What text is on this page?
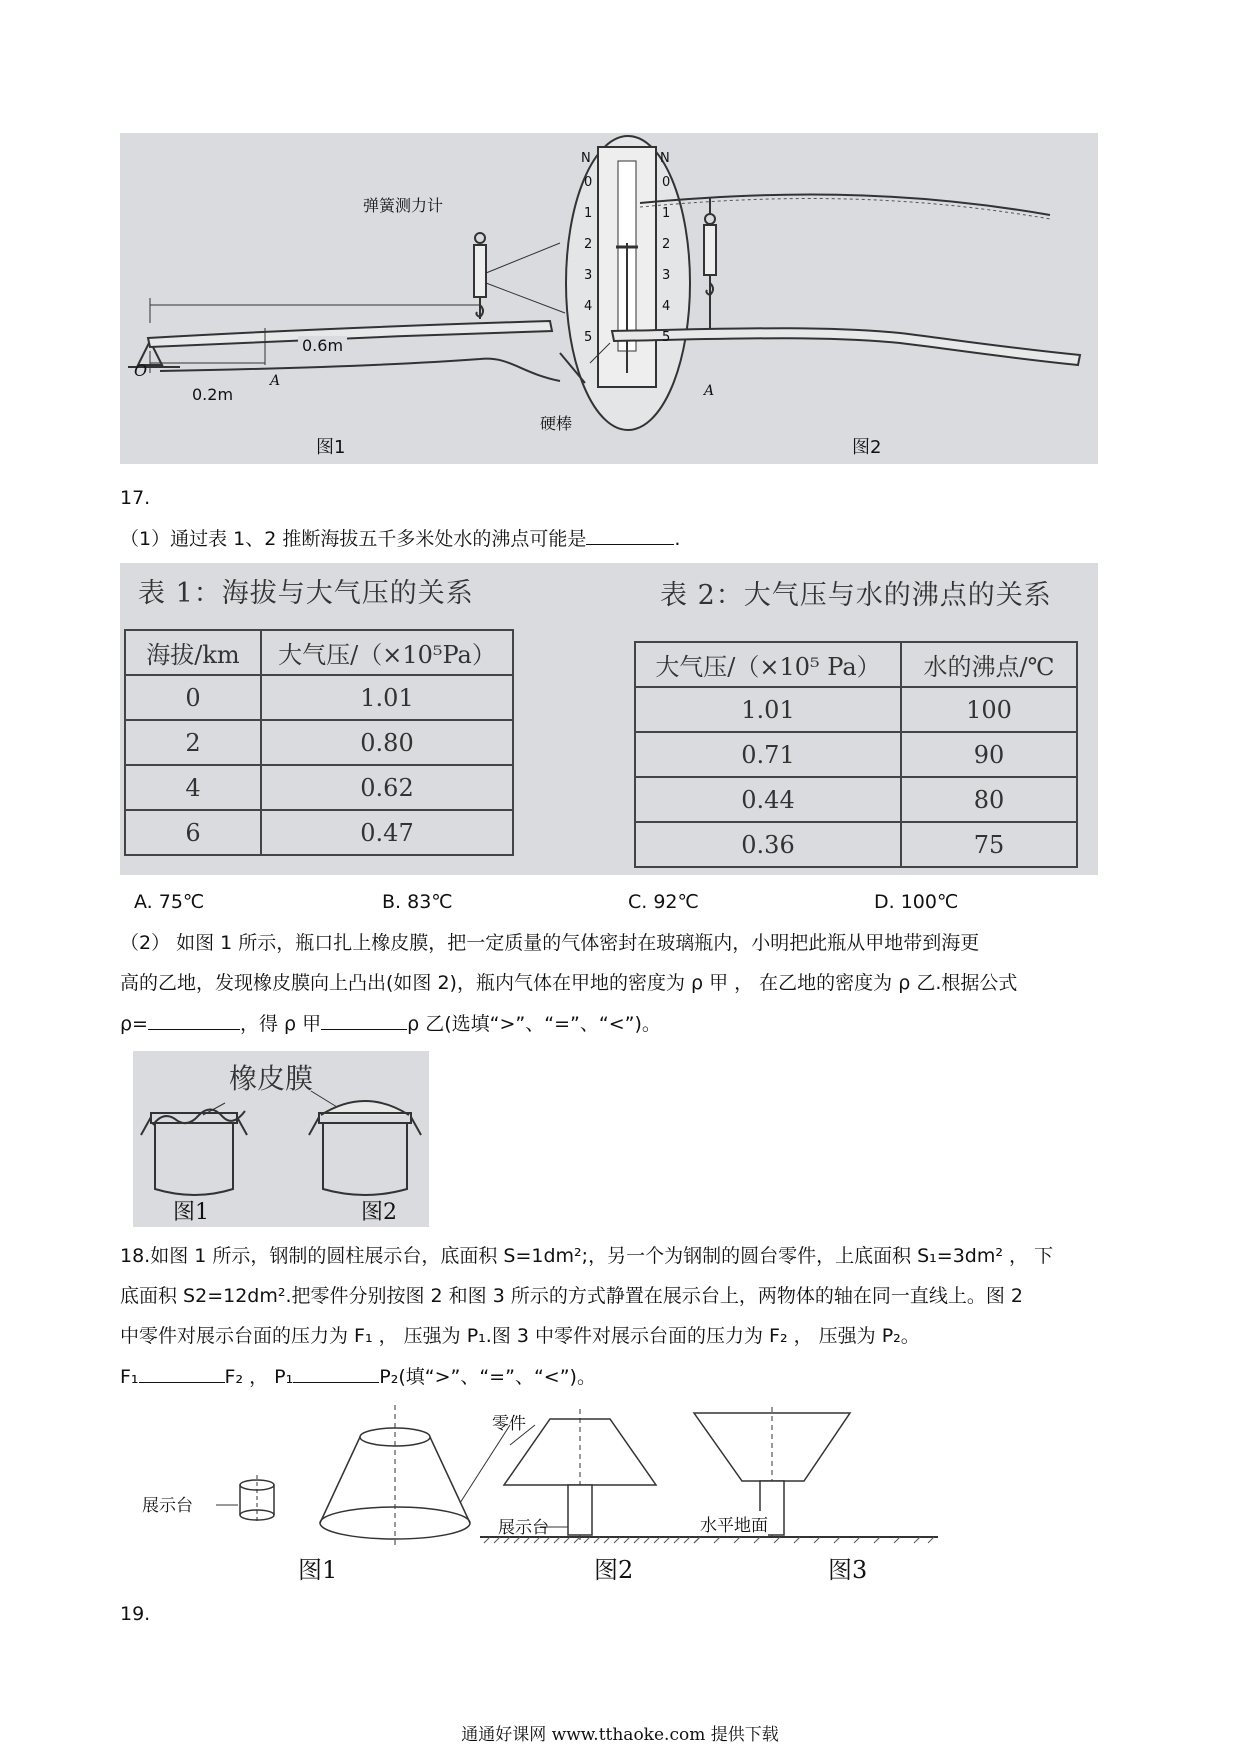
弹簧测力计
0.6m
0.2m
O
A
A
硬棒
N	N
0
1
2
3
4
5
0
1
2
3
4
5
图1	图2
17.
（1）通过表 1、2 推断海拔五千多米处水的沸点可能是	.
表 1：海拔与大气压的关系
海拔/km	大气压/（×10⁵Pa）
0	1.01
2	0.80
4	0.62
6	0.47
表 2：大气压与水的沸点的关系
大气压/（×10⁵ Pa）	水的沸点/℃
1.01	100
0.71	90
0.44	80
0.36	75
A. 75℃	B. 83℃	C. 92℃	D. 100℃
（2） 如图 1 所示，瓶口扎上橡皮膜，把一定质量的气体密封在玻璃瓶内，小明把此瓶从甲地带到海更
高的乙地，发现橡皮膜向上凸出(如图 2)，瓶内气体在甲地的密度为 ρ 甲 ， 在乙地的密度为 ρ 乙.根据公式
ρ=	，得 ρ 甲	ρ 乙(选填“>”、“=”、“<”)。
橡皮膜
图1	图2
18.如图 1 所示，钢制的圆柱展示台，底面积 S=1dm²;，另一个为钢制的圆台零件，上底面积 S₁=3dm² ， 下
底面积 S2=12dm².把零件分别按图 2 和图 3 所示的方式静置在展示台上，两物体的轴在同一直线上。图 2
中零件对展示台面的压力为 F₁ ， 压强为 P₁.图 3 中零件对展示台面的压力为 F₂ ， 压强为 P₂。
F₁	F₂ ， P₁	P₂(填“>”、“=”、“<”)。
展示台
零件
展示台	水平地面
图1	图2	图3
19.
通通好课网 www.tthaoke.com 提供下载
